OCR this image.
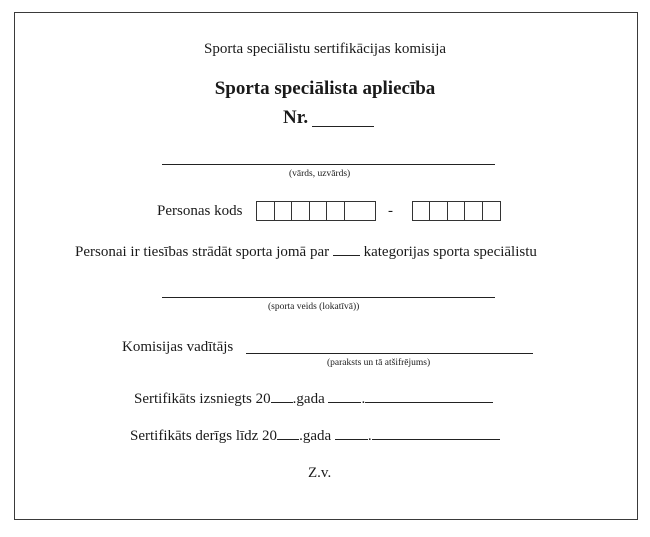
Sporta speciālistu sertifikācijas komisija
Sporta speciālista apliecība
Nr.
(vārds, uzvārds)
Personas kods	-
Personai ir tiesības strādāt sporta jomā par kategorijas sporta speciālistu
(sporta veids (lokatīvā))
Komisijas vadītājs
(paraksts un tā atšifrējums)
Sertifikāts izsniegts 20 .gada .
Sertifikāts derīgs līdz 20 .gada .
Z.v.
